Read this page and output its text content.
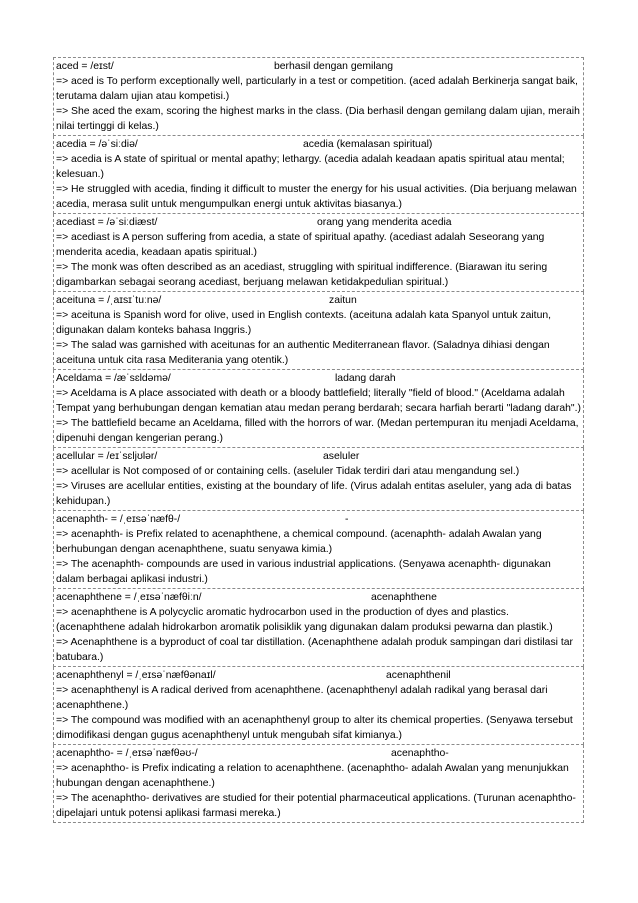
aced = /eɪst/	berhasil dengan gemilang
=> aced is To perform exceptionally well, particularly in a test or competition. (aced adalah Berkinerja sangat baik, terutama dalam ujian atau kompetisi.)
=> She aced the exam, scoring the highest marks in the class. (Dia berhasil dengan gemilang dalam ujian, meraih nilai tertinggi di kelas.)
acedia = /əˈsiːdiə/	acedia (kemalasan spiritual)
=> acedia is A state of spiritual or mental apathy; lethargy. (acedia adalah keadaan apatis spiritual atau mental; kelesuan.)
=> He struggled with acedia, finding it difficult to muster the energy for his usual activities. (Dia berjuang melawan acedia, merasa sulit untuk mengumpulkan energi untuk aktivitas biasanya.)
acediast = /əˈsiːdiæst/	orang yang menderita acedia
=> acediast is A person suffering from acedia, a state of spiritual apathy. (acediast adalah Seseorang yang menderita acedia, keadaan apatis spiritual.)
=> The monk was often described as an acediast, struggling with spiritual indifference. (Biarawan itu sering digambarkan sebagai seorang acediast, berjuang melawan ketidakpedulian spiritual.)
aceituna = /ˌaɪsɪˈtuːnə/	zaitun
=> aceituna is Spanish word for olive, used in English contexts. (aceituna adalah kata Spanyol untuk zaitun, digunakan dalam konteks bahasa Inggris.)
=> The salad was garnished with aceitunas for an authentic Mediterranean flavor. (Saladnya dihiasi dengan aceituna untuk cita rasa Mediterania yang otentik.)
Aceldama = /æˈsɛldəmə/	ladang darah
=> Aceldama is A place associated with death or a bloody battlefield; literally "field of blood." (Aceldama adalah Tempat yang berhubungan dengan kematian atau medan perang berdarah; secara harfiah berarti "ladang darah".)
=> The battlefield became an Aceldama, filled with the horrors of war. (Medan pertempuran itu menjadi Aceldama, dipenuhi dengan kengerian perang.)
acellular = /eɪˈsɛljʊlər/	aseluler
=> acellular is Not composed of or containing cells. (aseluler Tidak terdiri dari atau mengandung sel.)
=> Viruses are acellular entities, existing at the boundary of life. (Virus adalah entitas aseluler, yang ada di batas kehidupan.)
acenaphth- = /ˌeɪsəˈnæfθ-/	-
=> acenaphth- is Prefix related to acenaphthene, a chemical compound. (acenaphth- adalah Awalan yang berhubungan dengan acenaphthene, suatu senyawa kimia.)
=> The acenaphth- compounds are used in various industrial applications. (Senyawa acenaphth- digunakan dalam berbagai aplikasi industri.)
acenaphthene = /ˌeɪsəˈnæfθiːn/	acenaphthene
=> acenaphthene is A polycyclic aromatic hydrocarbon used in the production of dyes and plastics. (acenaphthene adalah hidrokarbon aromatik polisiklik yang digunakan dalam produksi pewarna dan plastik.)
=> Acenaphthene is a byproduct of coal tar distillation. (Acenaphthene adalah produk sampingan dari distilasi tar batubara.)
acenaphthenyl = /ˌeɪsəˈnæfθənaɪl/	acenaphthenil
=> acenaphthenyl is A radical derived from acenaphthene. (acenaphthenyl adalah radikal yang berasal dari acenaphthene.)
=> The compound was modified with an acenaphthenyl group to alter its chemical properties. (Senyawa tersebut dimodifikasi dengan gugus acenaphthenyl untuk mengubah sifat kimianya.)
acenaphtho- = /ˌeɪsəˈnæfθəʊ-/	acenaphtho-
=> acenaphtho- is Prefix indicating a relation to acenaphthene. (acenaphtho- adalah Awalan yang menunjukkan hubungan dengan acenaphthene.)
=> The acenaphtho- derivatives are studied for their potential pharmaceutical applications. (Turunan acenaphtho- dipelajari untuk potensi aplikasi farmasi mereka.)
